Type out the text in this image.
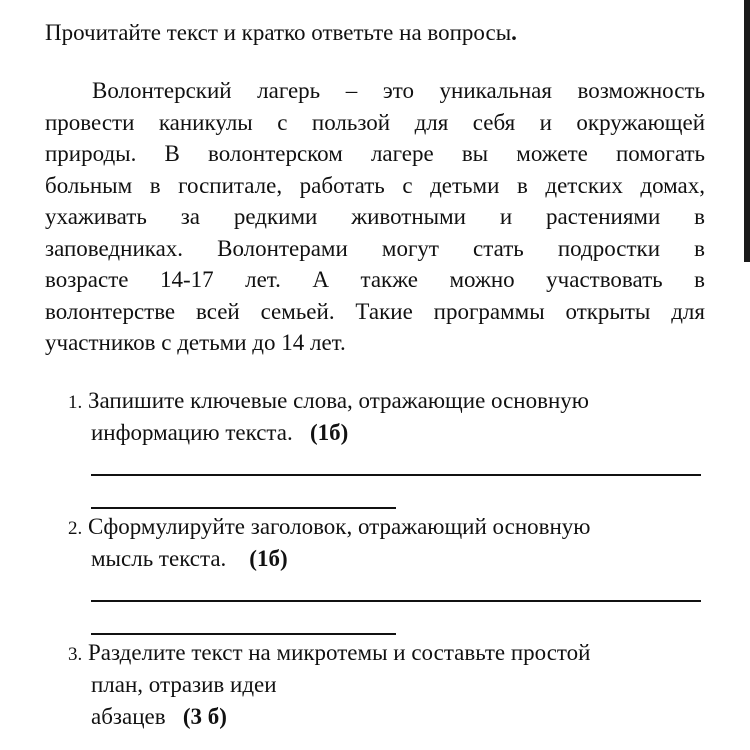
Прочитайте текст и кратко ответьте на вопросы.
Волонтерский лагерь – это уникальная возможность
провести каникулы с пользой для себя и окружающей
природы. В волонтерском лагере вы можете помогать
больным в госпитале, работать с детьми в детских домах,
ухаживать за редкими животными и растениями в
заповедниках. Волонтерами могут стать подростки в
возрасте 14-17 лет. А также можно участвовать в
волонтерстве всей семьей. Такие программы открыты для
участников с детьми до 14 лет.
1. Запишите ключевые слова, отражающие основную
информацию текста. (1б)
2. Сформулируйте заголовок, отражающий основную
мысль текста. (1б)
3. Разделите текст на микротемы и составьте простой
план, отразив идеи
абзацев (3 б)
